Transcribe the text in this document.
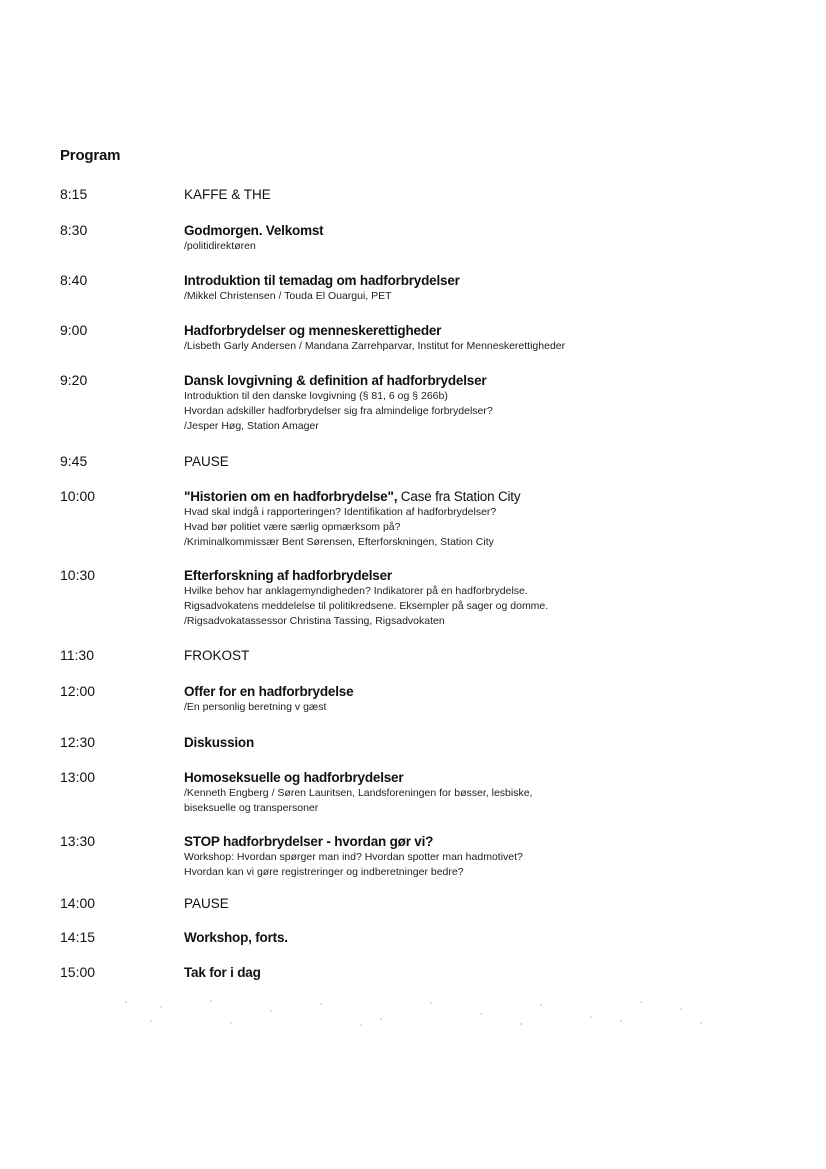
Program
8:15	KAFFE & THE
8:30	Godmorgen. Velkomst
/politidirektøren
8:40	Introduktion til temadag om hadforbrydelser
/Mikkel Christensen / Touda El Ouargui, PET
9:00	Hadforbrydelser og menneskerettigheder
/Lisbeth Garly Andersen / Mandana Zarrehparvar, Institut for Menneskerettigheder
9:20	Dansk lovgivning & definition af hadforbrydelser
Introduktion til den danske lovgivning (§ 81, 6 og § 266b)
Hvordan adskiller hadforbrydelser sig fra almindelige forbrydelser?
/Jesper Høg, Station Amager
9:45	PAUSE
10:00	"Historien om en hadforbrydelse", Case fra Station City
Hvad skal indgå i rapporteringen? Identifikation af hadforbrydelser?
Hvad bør politiet være særlig opmærksom på?
/Kriminalkommissær Bent Sørensen, Efterforskningen, Station City
10:30	Efterforskning af hadforbrydelser
Hvilke behov har anklagemyndigheden? Indikatorer på en hadforbrydelse.
Rigsadvokatens meddelelse til politikredsene. Eksempler på sager og domme.
/Rigsadvokatassessor Christina Tassing, Rigsadvokaten
11:30	FROKOST
12:00	Offer for en hadforbrydelse
/En personlig beretning v gæst
12:30	Diskussion
13:00	Homoseksuelle og hadforbrydelser
/Kenneth Engberg / Søren Lauritsen, Landsforeningen for bøsser, lesbiske,
biseksuelle og transpersoner
13:30	STOP hadforbrydelser - hvordan gør vi?
Workshop: Hvordan spørger man ind? Hvordan spotter man hadmotivet?
Hvordan kan vi gøre registreringer og indberetninger bedre?
14:00	PAUSE
14:15	Workshop, forts.
15:00	Tak for i dag
